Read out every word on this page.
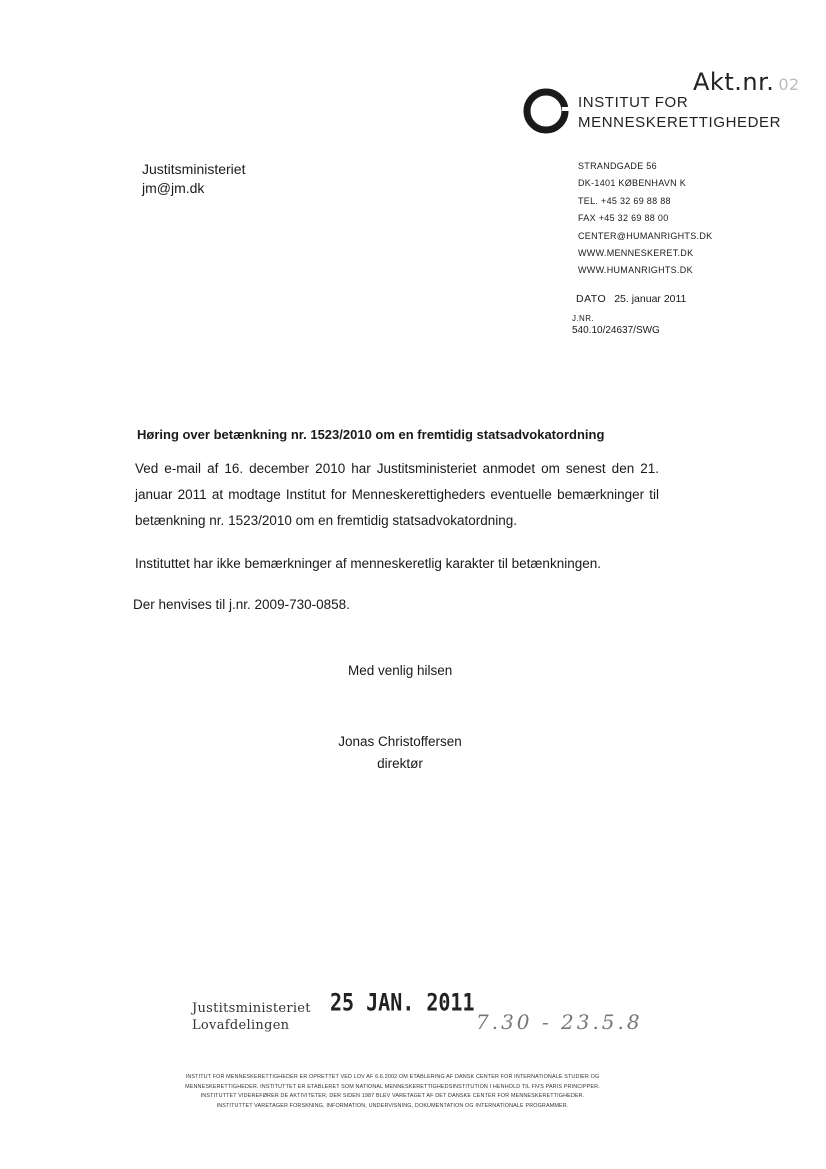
Akt.nr. 02
INSTITUT FOR
MENNESKERETTIGHEDER
Justitsministeriet
jm@jm.dk
STRANDGADE 56
DK-1401 KØBENHAVN K
TEL. +45 32 69 88 88
FAX +45 32 69 88 00
CENTER@HUMANRIGHTS.DK
WWW.MENNESKERET.DK
WWW.HUMANRIGHTS.DK
DATO 25. januar 2011
J.NR.
540.10/24637/SWG
Høring over betænkning nr. 1523/2010 om en fremtidig statsadvokatordning
Ved e-mail af 16. december 2010 har Justitsministeriet anmodet om senest den 21. januar 2011 at modtage Institut for Menneskerettigheders eventuelle bemærkninger til betænkning nr. 1523/2010 om en fremtidig statsadvokatordning.
Instituttet har ikke bemærkninger af menneskeretlig karakter til betænkningen.
Der henvises til j.nr. 2009-730-0858.
Med venlig hilsen
Jonas Christoffersen
direktør
Justitsministeriet
Lovafdelingen
25 JAN. 2011
7.30 - 23.5.8
INSTITUT FOR MENNESKERETTIGHEDER ER OPRETTET VED LOV AF 6.6.2002 OM ETABLERING AF DANSK CENTER FOR INTERNATIONALE STUDIER OG
MENNESKERETTIGHEDER. INSTITUTTET ER ETABLERET SOM NATIONAL MENNESKERETTIGHEDSINSTITUTION I HENHOLD TIL FN'S PARIS PRINCIPPER.
INSTITUTTET VIDEREFØRER DE AKTIVITETER, DER SIDEN 1987 BLEV VARETAGET AF DET DANSKE CENTER FOR MENNESKERETTIGHEDER.
INSTITUTTET VARETAGER FORSKNING, INFORMATION, UNDERVISNING, DOKUMENTATION OG INTERNATIONALE PROGRAMMER.
